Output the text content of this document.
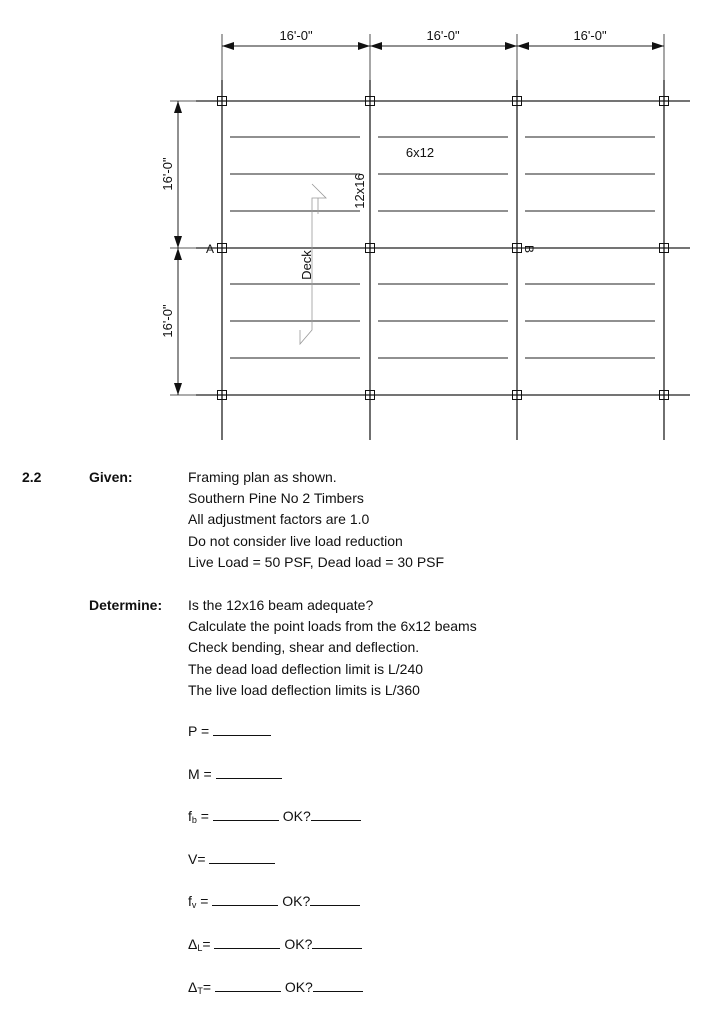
16'-0"	16'-0"	16'-0"
16'-0"
16'-0"
6x12
12x16
Deck
A	B
2.2	Given:	Framing plan as shown.
Southern Pine No 2 Timbers
All adjustment factors are 1.0
Do not consider live load reduction
Live Load = 50 PSF, Dead load = 30 PSF
Determine: Is the 12x16 beam adequate?
Calculate the point loads from the 6x12 beams
Check bending, shear and deflection.
The dead load deflection limit is L/240
The live load deflection limits is L/360
P =
M =
$f_b$ =	OK?
V=
$f_v$ =	OK?
$\Delta_L=$	OK?
$\Delta_T=$	OK?
